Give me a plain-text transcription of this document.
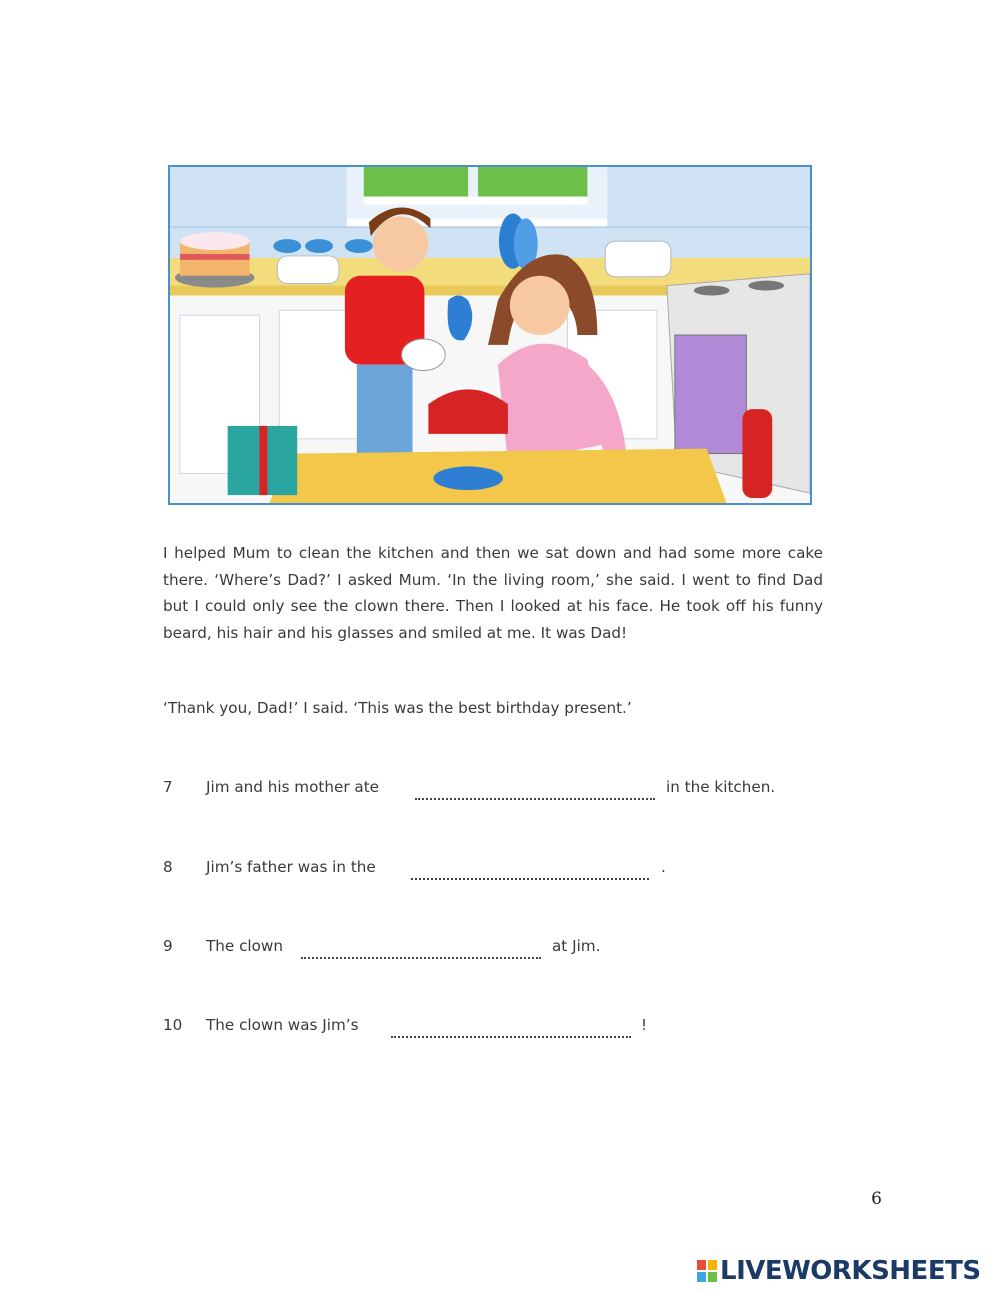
I helped Mum to clean the kitchen and then we sat down and had some more cake there. ‘Where’s Dad?’ I asked Mum. ‘In the living room,’ she said. I went to find Dad but I could only see the clown there. Then I looked at his face. He took off his funny beard, his hair and his glasses and smiled at me. It was Dad!

‘Thank you, Dad!’ I said. ‘This was the best birthday present.’
7 Jim and his mother ate	in the kitchen.
8 Jim’s father was in the	.
9 The clown	at Jim.
10 The clown was Jim’s	!
6
LIVEWORKSHEETS
